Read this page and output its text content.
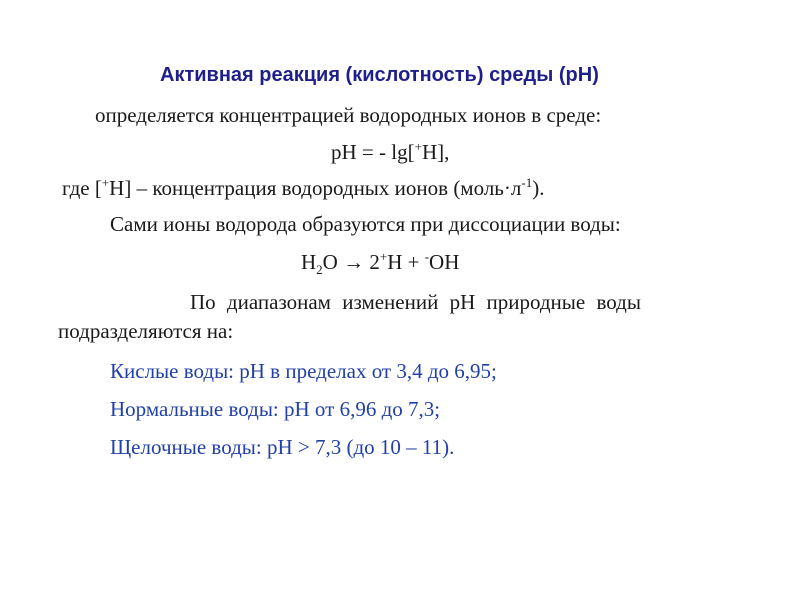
Активная реакция (кислотность) среды (pH)
определяется концентрацией водородных ионов в среде:
pH = - lg[+H],
где [+H] – концентрация водородных ионов $(моль\cdot л^{-1})$.
Сами ионы водорода образуются при диссоциации воды:
$H_2O \to 2^+H + ^-OH$
По диапазонам изменений pH природные воды
подразделяются на:
Кислые воды: pH в пределах от 3,4 до 6,95;
Нормальные воды: pH от 6,96 до 7,3;
Щелочные воды: pH > 7,3 (до 10 – 11).
